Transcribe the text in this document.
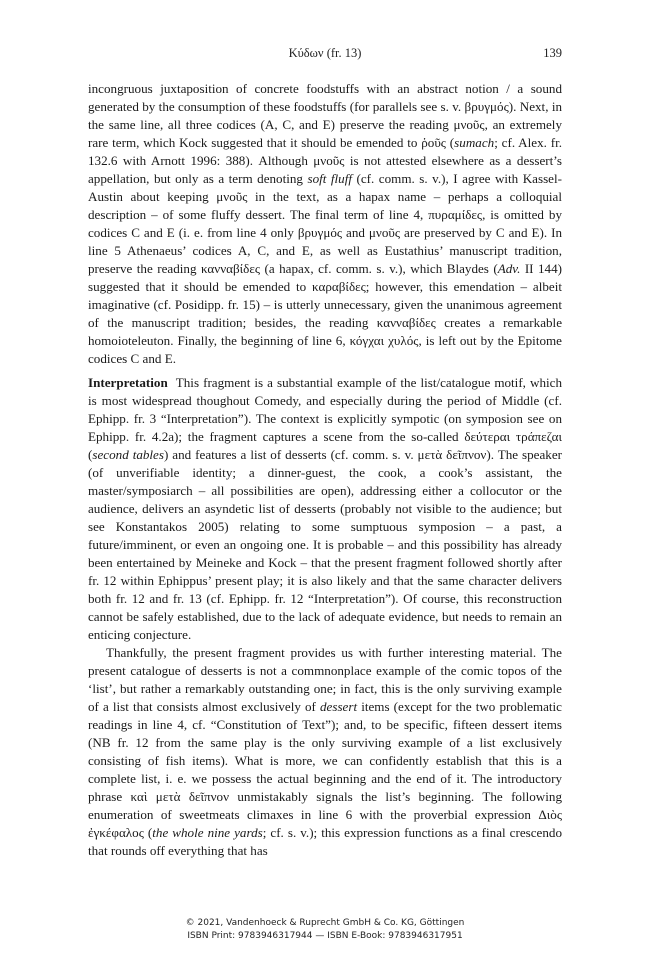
Κύδων (fr. 13)	139

incongruous juxtaposition of concrete foodstuffs with an abstract notion / a sound generated by the consumption of these foodstuffs (for parallels see s. v. βρυγμός). Next, in the same line, all three codices (A, C, and E) preserve the reading μνοῦς, an extremely rare term, which Kock suggested that it should be emended to ῥοῦς (sumach; cf. Alex. fr. 132.6 with Arnott 1996: 388). Although μνοῦς is not attested elsewhere as a dessert’s appellation, but only as a term denoting soft fluff (cf. comm. s. v.), I agree with Kassel-Austin about keeping μνοῦς in the text, as a hapax name – perhaps a colloquial description – of some fluffy dessert. The final term of line 4, πυραμίδες, is omitted by codices C and E (i. e. from line 4 only βρυγμός and μνοῦς are preserved by C and E). In line 5 Athenaeus’ codices A, C, and E, as well as Eustathius’ manuscript tradition, preserve the reading κανναβίδες (a hapax, cf. comm. s. v.), which Blaydes (Adv. II 144) suggested that it should be emended to καραβίδες; however, this emendation – albeit imaginative (cf. Posidipp. fr. 15) – is utterly unnecessary, given the unanimous agreement of the manuscript tradition; besides, the reading κανναβίδες creates a remarkable homoioteleuton. Finally, the beginning of line 6, κόγχαι χυλός, is left out by the Epitome codices C and E.

Interpretation This fragment is a substantial example of the list/catalogue motif, which is most widespread thoughout Comedy, and especially during the period of Middle (cf. Ephipp. fr. 3 “Interpretation”). The context is explicitly sympotic (on symposion see on Ephipp. fr. 4.2a); the fragment captures a scene from the so-called δεύτεραι τράπεζαι (second tables) and features a list of desserts (cf. comm. s. v. μετὰ δεῖπνον). The speaker (of unverifiable identity; a dinner-guest, the cook, a cook’s assistant, the master/symposiarch – all possibilities are open), addressing either a collocutor or the audience, delivers an asyndetic list of desserts (probably not visible to the audience; but see Konstantakos 2005) relating to some sumptuous symposion – a past, a future/imminent, or even an ongoing one. It is probable – and this possibility has already been entertained by Meineke and Kock – that the present fragment followed shortly after fr. 12 within Ephippus’ present play; it is also likely and that the same character delivers both fr. 12 and fr. 13 (cf. Ephipp. fr. 12 “Interpretation”). Of course, this reconstruction cannot be safely established, due to the lack of adequate evidence, but needs to remain an enticing conjecture.

Thankfully, the present fragment provides us with further interesting material. The present catalogue of desserts is not a commnonplace example of the comic topos of the ‘list’, but rather a remarkably outstanding one; in fact, this is the only surviving example of a list that consists almost exclusively of dessert items (except for the two problematic readings in line 4, cf. “Constitution of Text”); and, to be specific, fifteen dessert items (NB fr. 12 from the same play is the only surviving example of a list exclusively consisting of fish items). What is more, we can confidently establish that this is a complete list, i. e. we possess the actual beginning and the end of it. The introductory phrase καὶ μετὰ δεῖπνον unmistakably signals the list’s beginning. The following enumeration of sweetmeats climaxes in line 6 with the proverbial expression Διὸς ἐγκέφαλος (the whole nine yards; cf. s. v.); this expression functions as a final crescendo that rounds off everything that has

© 2021, Vandenhoeck & Ruprecht GmbH & Co. KG, Göttingen
ISBN Print: 9783946317944 — ISBN E-Book: 9783946317951
